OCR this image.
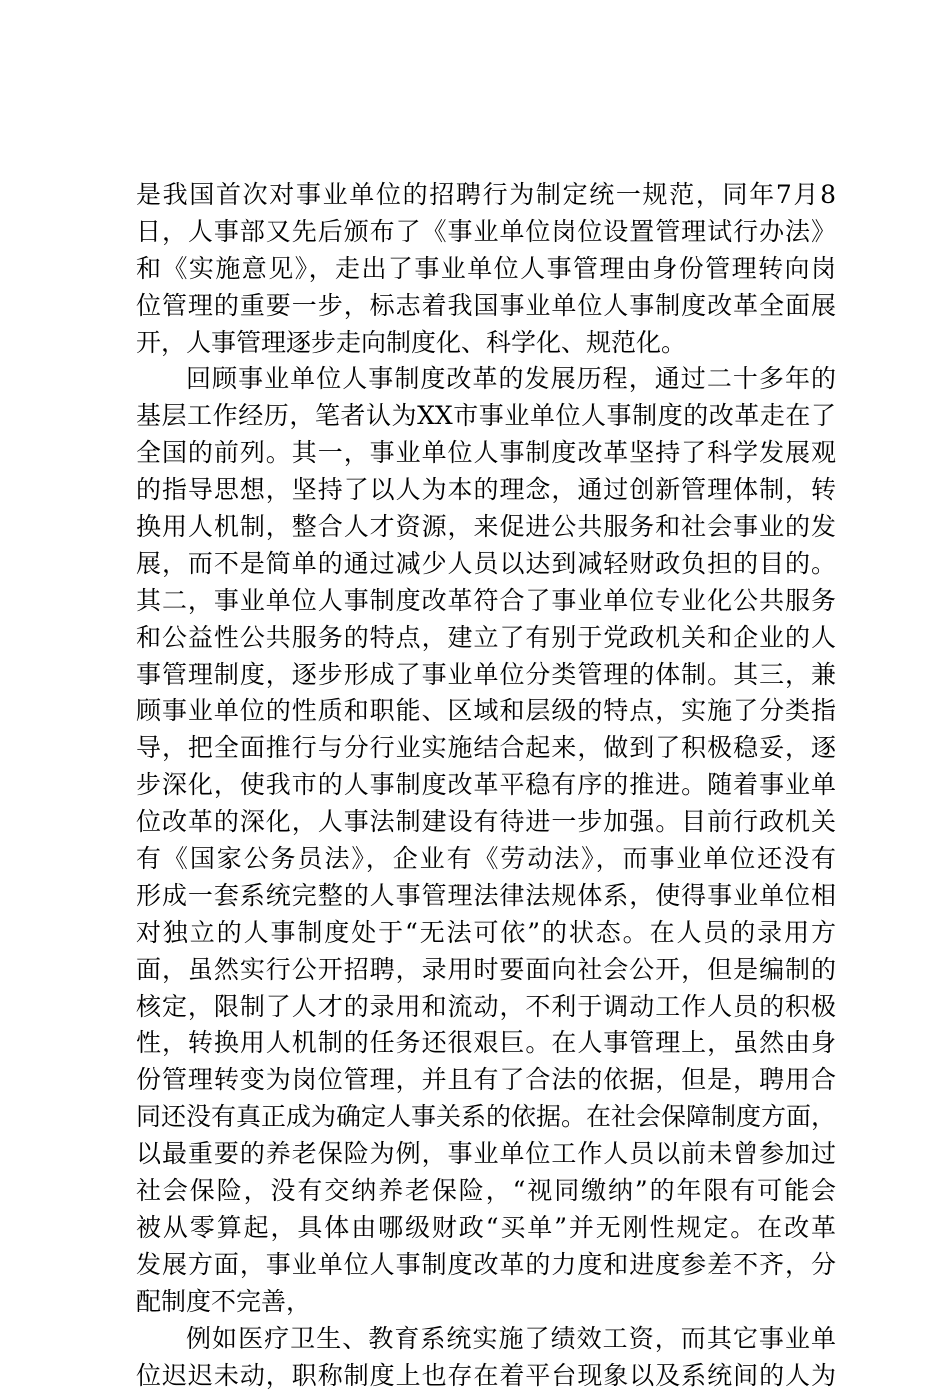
是我国首次对事业单位的招聘行为制定统一规范，同年7月8
日，人事部又先后颁布了《事业单位岗位设置管理试行办法》
和《实施意见》，走出了事业单位人事管理由身份管理转向岗
位管理的重要一步，标志着我国事业单位人事制度改革全面展
开，人事管理逐步走向制度化、科学化、规范化。
回顾事业单位人事制度改革的发展历程，通过二十多年的
基层工作经历，笔者认为XX市事业单位人事制度的改革走在了
全国的前列。其一，事业单位人事制度改革坚持了科学发展观
的指导思想，坚持了以人为本的理念，通过创新管理体制，转
换用人机制，整合人才资源，来促进公共服务和社会事业的发
展，而不是简单的通过减少人员以达到减轻财政负担的目的。
其二，事业单位人事制度改革符合了事业单位专业化公共服务
和公益性公共服务的特点，建立了有别于党政机关和企业的人
事管理制度，逐步形成了事业单位分类管理的体制。其三，兼
顾事业单位的性质和职能、区域和层级的特点，实施了分类指
导，把全面推行与分行业实施结合起来，做到了积极稳妥，逐
步深化，使我市的人事制度改革平稳有序的推进。随着事业单
位改革的深化，人事法制建设有待进一步加强。目前行政机关
有《国家公务员法》，企业有《劳动法》，而事业单位还没有
形成一套系统完整的人事管理法律法规体系，使得事业单位相
对独立的人事制度处于“无法可依”的状态。在人员的录用方
面，虽然实行公开招聘，录用时要面向社会公开，但是编制的
核定，限制了人才的录用和流动，不利于调动工作人员的积极
性，转换用人机制的任务还很艰巨。在人事管理上，虽然由身
份管理转变为岗位管理，并且有了合法的依据，但是，聘用合
同还没有真正成为确定人事关系的依据。在社会保障制度方面，
以最重要的养老保险为例，事业单位工作人员以前未曾参加过
社会保险，没有交纳养老保险，“视同缴纳”的年限有可能会
被从零算起，具体由哪级财政“买单”并无刚性规定。在改革
发展方面，事业单位人事制度改革的力度和进度参差不齐，分
配制度不完善，
例如医疗卫生、教育系统实施了绩效工资，而其它事业单
位迟迟未动，职称制度上也存在着平台现象以及系统间的人为
